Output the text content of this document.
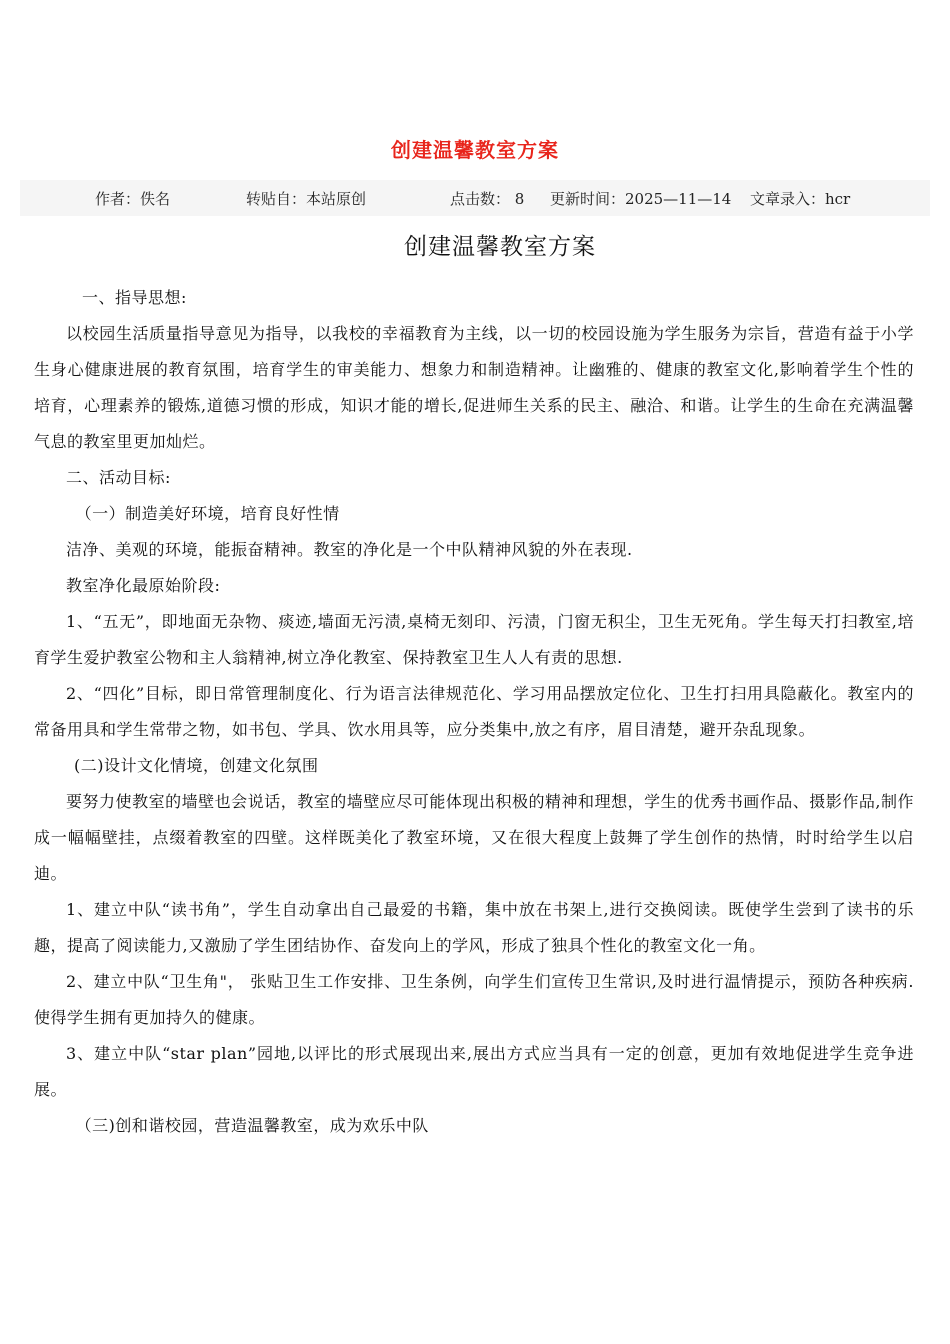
创建温馨教室方案
作者：佚名	转贴自：本站原创	点击数： 8 更新时间：2025—11—14 文章录入：hcr
创建温馨教室方案

一、指导思想:

以校园生活质量指导意见为指导，以我校的幸福教育为主线，以一切的校园设施为学生服务为宗旨，营造有益于小学生身心健康进展的教育氛围，培育学生的审美能力、想象力和制造精神。让幽雅的、健康的教室文化,影响着学生个性的培育，心理素养的锻炼,道德习惯的形成，知识才能的增长,促进师生关系的民主、融洽、和谐。让学生的生命在充满温馨气息的教室里更加灿烂。

二、活动目标:

（一）制造美好环境，培育良好性情

洁净、美观的环境，能振奋精神。教室的净化是一个中队精神风貌的外在表现.

教室净化最原始阶段:

1、“五无”，即地面无杂物、痰迹,墙面无污渍,桌椅无刻印、污渍，门窗无积尘，卫生无死角。学生每天打扫教室,培育学生爱护教室公物和主人翁精神,树立净化教室、保持教室卫生人人有责的思想.

2、“四化”目标，即日常管理制度化、行为语言法律规范化、学习用品摆放定位化、卫生打扫用具隐蔽化。教室内的常备用具和学生常带之物，如书包、学具、饮水用具等，应分类集中,放之有序，眉目清楚，避开杂乱现象。

(二)设计文化情境，创建文化氛围

要努力使教室的墙壁也会说话，教室的墙壁应尽可能体现出积极的精神和理想，学生的优秀书画作品、摄影作品,制作成一幅幅壁挂，点缀着教室的四壁。这样既美化了教室环境，又在很大程度上鼓舞了学生创作的热情，时时给学生以启迪。

1、建立中队“读书角”，学生自动拿出自己最爱的书籍，集中放在书架上,进行交换阅读。既使学生尝到了读书的乐趣，提高了阅读能力,又激励了学生团结协作、奋发向上的学风，形成了独具个性化的教室文化一角。

2、建立中队“卫生角"， 张贴卫生工作安排、卫生条例，向学生们宣传卫生常识,及时进行温情提示，预防各种疾病.使得学生拥有更加持久的健康。

3、建立中队“star plan”园地,以评比的形式展现出来,展出方式应当具有一定的创意，更加有效地促进学生竞争进展。

（三)创和谐校园，营造温馨教室，成为欢乐中队
